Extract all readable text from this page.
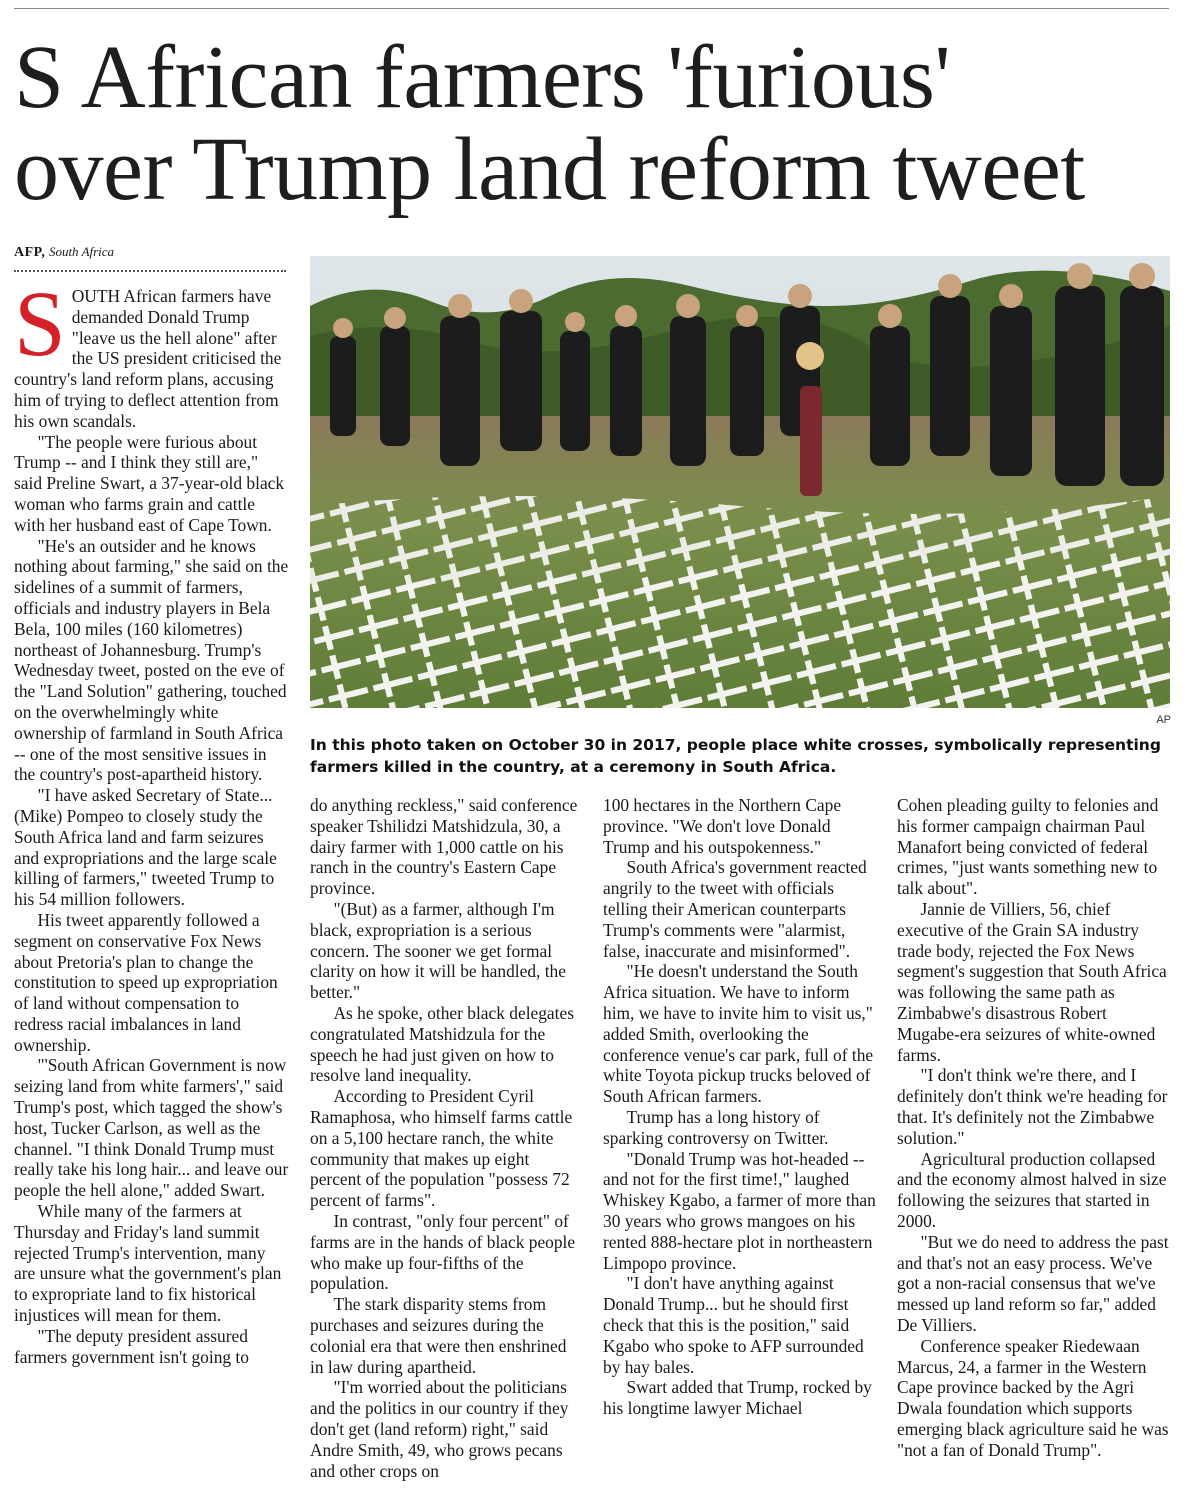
S African farmers 'furious'
over Trump land reform tweet
AFP, South Africa
AP
In this photo taken on October 30 in 2017, people place white crosses, symbolically representing farmers killed in the country, at a ceremony in South Africa.

SOUTH African farmers have demanded Donald Trump "leave us the hell alone" after the US president criticised the country's land reform plans, accusing him of trying to deflect attention from his own scandals.

"The people were furious about Trump -- and I think they still are," said Preline Swart, a 37-year-old black woman who farms grain and cattle with her husband east of Cape Town.

"He's an outsider and he knows nothing about farming," she said on the sidelines of a summit of farmers, officials and industry players in Bela Bela, 100 miles (160 kilometres) northeast of Johannesburg. Trump's Wednesday tweet, posted on the eve of the "Land Solution" gathering, touched on the overwhelmingly white ownership of farmland in South Africa -- one of the most sensitive issues in the country's post-apartheid history.

"I have asked Secretary of State... (Mike) Pompeo to closely study the South Africa land and farm seizures and expropriations and the large scale killing of farmers," tweeted Trump to his 54 million followers.

His tweet apparently followed a segment on conservative Fox News about Pretoria's plan to change the constitution to speed up expropriation of land without compensation to redress racial imbalances in land ownership.

"'South African Government is now seizing land from white farmers'," said Trump's post, which tagged the show's host, Tucker Carlson, as well as the channel. "I think Donald Trump must really take his long hair... and leave our people the hell alone," added Swart.

While many of the farmers at Thursday and Friday's land summit rejected Trump's intervention, many are unsure what the government's plan to expropriate land to fix historical injustices will mean for them.

"The deputy president assured farmers government isn't going to

do anything reckless," said conference speaker Tshilidzi Matshidzula, 30, a dairy farmer with 1,000 cattle on his ranch in the country's Eastern Cape province.

"(But) as a farmer, although I'm black, expropriation is a serious concern. The sooner we get formal clarity on how it will be handled, the better."

As he spoke, other black delegates congratulated Matshidzula for the speech he had just given on how to resolve land inequality.

According to President Cyril Ramaphosa, who himself farms cattle on a 5,100 hectare ranch, the white community that makes up eight percent of the population "possess 72 percent of farms".

In contrast, "only four percent" of farms are in the hands of black people who make up four-fifths of the population.

The stark disparity stems from purchases and seizures during the colonial era that were then enshrined in law during apartheid.

"I'm worried about the politicians and the politics in our country if they don't get (land reform) right," said Andre Smith, 49, who grows pecans and other crops on

100 hectares in the Northern Cape province. "We don't love Donald Trump and his outspokenness."

South Africa's government reacted angrily to the tweet with officials telling their American counterparts Trump's comments were "alarmist, false, inaccurate and misinformed".

"He doesn't understand the South Africa situation. We have to inform him, we have to invite him to visit us," added Smith, overlooking the conference venue's car park, full of the white Toyota pickup trucks beloved of South African farmers.

Trump has a long history of sparking controversy on Twitter.

"Donald Trump was hot-headed -- and not for the first time!," laughed Whiskey Kgabo, a farmer of more than 30 years who grows mangoes on his rented 888-hectare plot in northeastern Limpopo province.

"I don't have anything against Donald Trump... but he should first check that this is the position," said Kgabo who spoke to AFP surrounded by hay bales.

Swart added that Trump, rocked by his longtime lawyer Michael

Cohen pleading guilty to felonies and his former campaign chairman Paul Manafort being convicted of federal crimes, "just wants something new to talk about".

Jannie de Villiers, 56, chief executive of the Grain SA industry trade body, rejected the Fox News segment's suggestion that South Africa was following the same path as Zimbabwe's disastrous Robert Mugabe-era seizures of white-owned farms.

"I don't think we're there, and I definitely don't think we're heading for that. It's definitely not the Zimbabwe solution."

Agricultural production collapsed and the economy almost halved in size following the seizures that started in 2000.

"But we do need to address the past and that's not an easy process. We've got a non-racial consensus that we've messed up land reform so far," added De Villiers.

Conference speaker Riedewaan Marcus, 24, a farmer in the Western Cape province backed by the Agri Dwala foundation which supports emerging black agriculture said he was "not a fan of Donald Trump".
